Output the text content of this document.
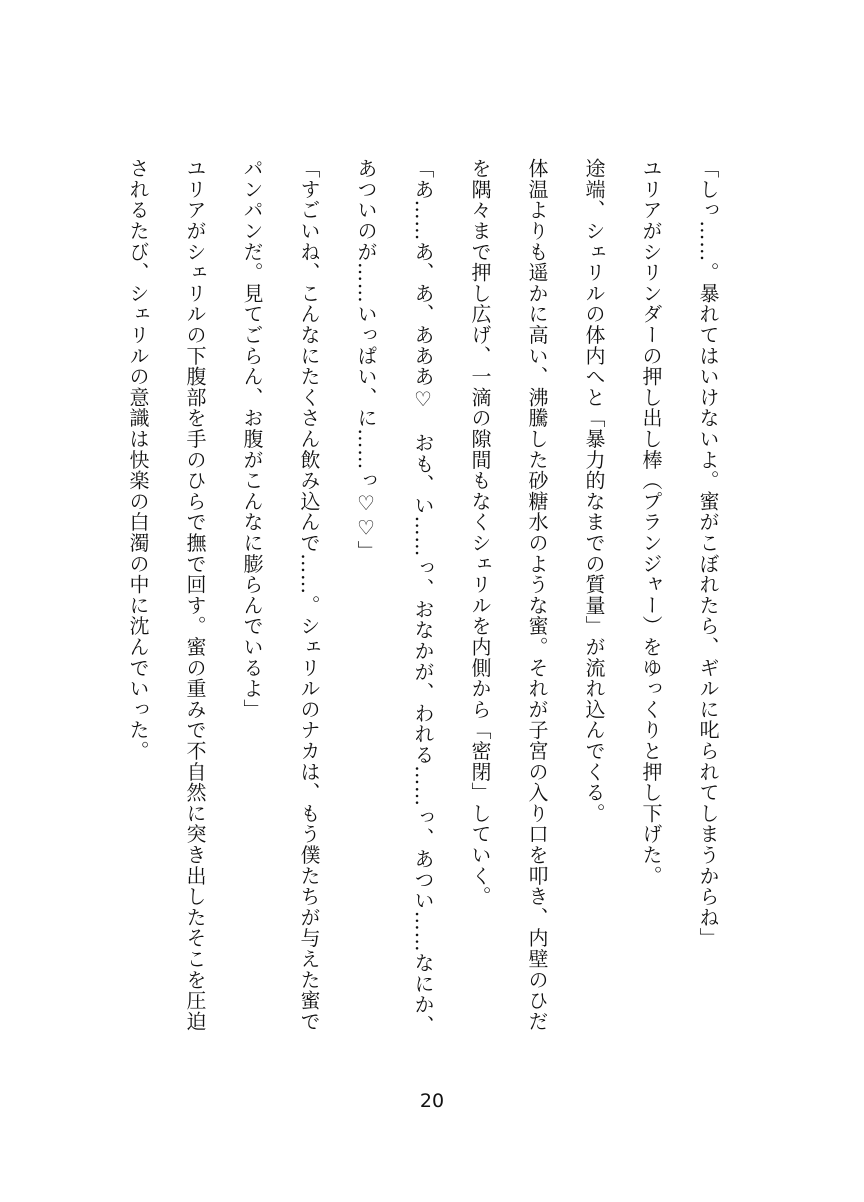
「しっ……。暴れてはいけないよ。蜜がこぼれたら、ギルに叱られてしまうからね」

ユリアがシリンダーの押し出し棒（プランジャー）をゆっくりと押し下げた。

途端、シェリルの体内へと「暴力的なまでの質量」が流れ込んでくる。

体温よりも遥かに高い、沸騰した砂糖水のような蜜。それが子宮の入り口を叩き、内壁のひだを隅々まで押し広げ、一滴の隙間もなくシェリルを内側から「密閉」していく。

「あ……あ、あ、あああ♡　おも、い……っ、おなかが、われる……っ、あつい……なにか、あついのが……いっぱい、に……っ♡♡」

「すごいね、こんなにたくさん飲み込んで……。シェリルのナカは、もう僕たちが与えた蜜でパンパンだ。見てごらん、お腹がこんなに膨らんでいるよ」

ユリアがシェリルの下腹部を手のひらで撫で回す。蜜の重みで不自然に突き出したそこを圧迫されるたび、シェリルの意識は快楽の白濁の中に沈んでいった。

20
